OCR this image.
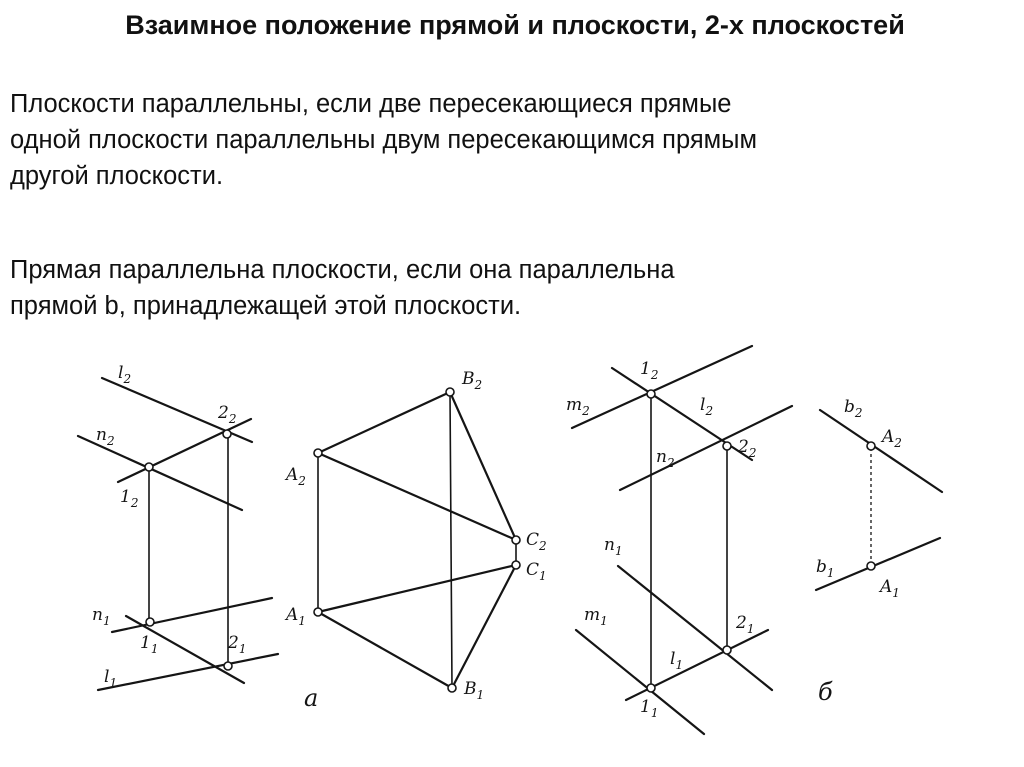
Взаимное положение прямой и плоскости, 2-х плоскостей

Плоскости параллельны, если две пересекающиеся прямые
одной плоскости параллельны двум пересекающимся прямым
другой плоскости.

Прямая параллельна плоскости, если она параллельна
прямой b, принадлежащей этой плоскости.

$l_2$
$n_2$
$2_2$
$1_2$
$n_1$
$1_1$	$2_1$
$l_1$
$B_2$
$A_2$
$C_2$
$C_1$
$A_1$
$B_1$
а
$m_2$
$1_2$
$l_2$
$n_2$
$2_2$
$n_1$
$m_1$	$2_1$
$l_1$
$1_1$
$b_2$
$A_2$
$b_1$
$A_1$
б
